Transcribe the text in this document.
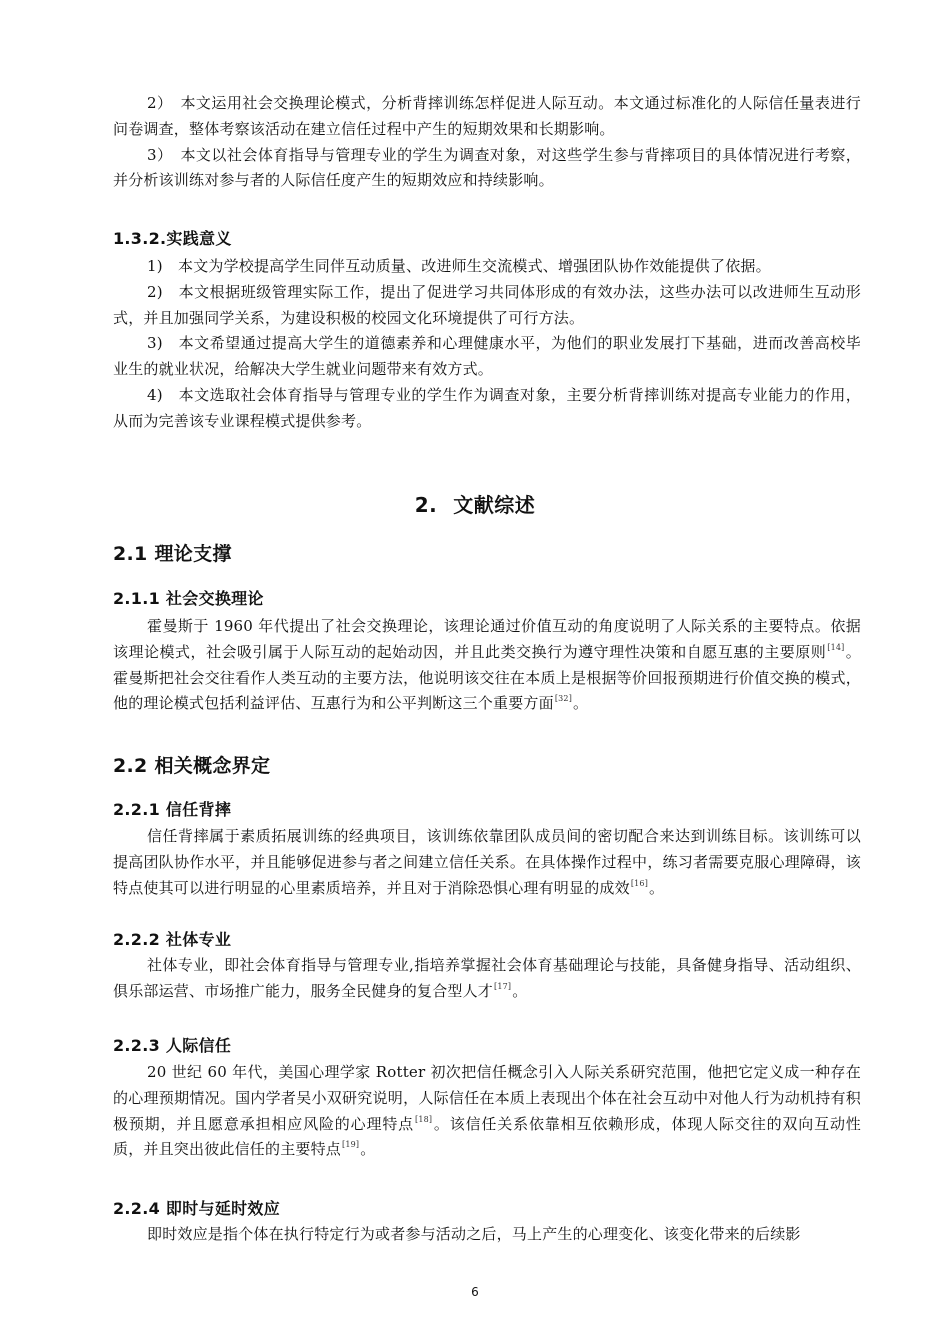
2）　本文运用社会交换理论模式，分析背摔训练怎样促进人际互动。本文通过标准化的人际信任量表进行问卷调查，整体考察该活动在建立信任过程中产生的短期效果和长期影响。

3）　本文以社会体育指导与管理专业的学生为调查对象，对这些学生参与背摔项目的具体情况进行考察，并分析该训练对参与者的人际信任度产生的短期效应和持续影响。

1.3.2.实践意义

1)　本文为学校提高学生同伴互动质量、改进师生交流模式、增强团队协作效能提供了依据。

2)　本文根据班级管理实际工作，提出了促进学习共同体形成的有效办法，这些办法可以改进师生互动形式，并且加强同学关系，为建设积极的校园文化环境提供了可行方法。

3)　本文希望通过提高大学生的道德素养和心理健康水平，为他们的职业发展打下基础，进而改善高校毕业生的就业状况，给解决大学生就业问题带来有效方式。

4)　本文选取社会体育指导与管理专业的学生作为调查对象，主要分析背摔训练对提高专业能力的作用，从而为完善该专业课程模式提供参考。

2. 文献综述
2.1 理论支撑
2.1.1 社会交换理论

霍曼斯于 1960 年代提出了社会交换理论，该理论通过价值互动的角度说明了人际关系的主要特点。依据该理论模式，社会吸引属于人际互动的起始动因，并且此类交换行为遵守理性决策和自愿互惠的主要原则[14]。霍曼斯把社会交往看作人类互动的主要方法，他说明该交往在本质上是根据等价回报预期进行价值交换的模式，他的理论模式包括利益评估、互惠行为和公平判断这三个重要方面[32]。

2.2 相关概念界定
2.2.1 信任背摔

信任背摔属于素质拓展训练的经典项目，该训练依靠团队成员间的密切配合来达到训练目标。该训练可以提高团队协作水平，并且能够促进参与者之间建立信任关系。在具体操作过程中，练习者需要克服心理障碍，该特点使其可以进行明显的心里素质培养，并且对于消除恐惧心理有明显的成效[16]。

2.2.2 社体专业

社体专业，即社会体育指导与管理专业,指培养掌握社会体育基础理论与技能，具备健身指导、活动组织、俱乐部运营、市场推广能力，服务全民健身的复合型人才[17]。

2.2.3 人际信任

20 世纪 60 年代，美国心理学家 Rotter 初次把信任概念引入人际关系研究范围，他把它定义成一种存在的心理预期情况。国内学者吴小双研究说明，人际信任在本质上表现出个体在社会互动中对他人行为动机持有积极预期，并且愿意承担相应风险的心理特点[18]。该信任关系依靠相互依赖形成，体现人际交往的双向互动性质，并且突出彼此信任的主要特点[19]。

2.2.4 即时与延时效应

即时效应是指个体在执行特定行为或者参与活动之后，马上产生的心理变化、该变化带来的后续影

6
